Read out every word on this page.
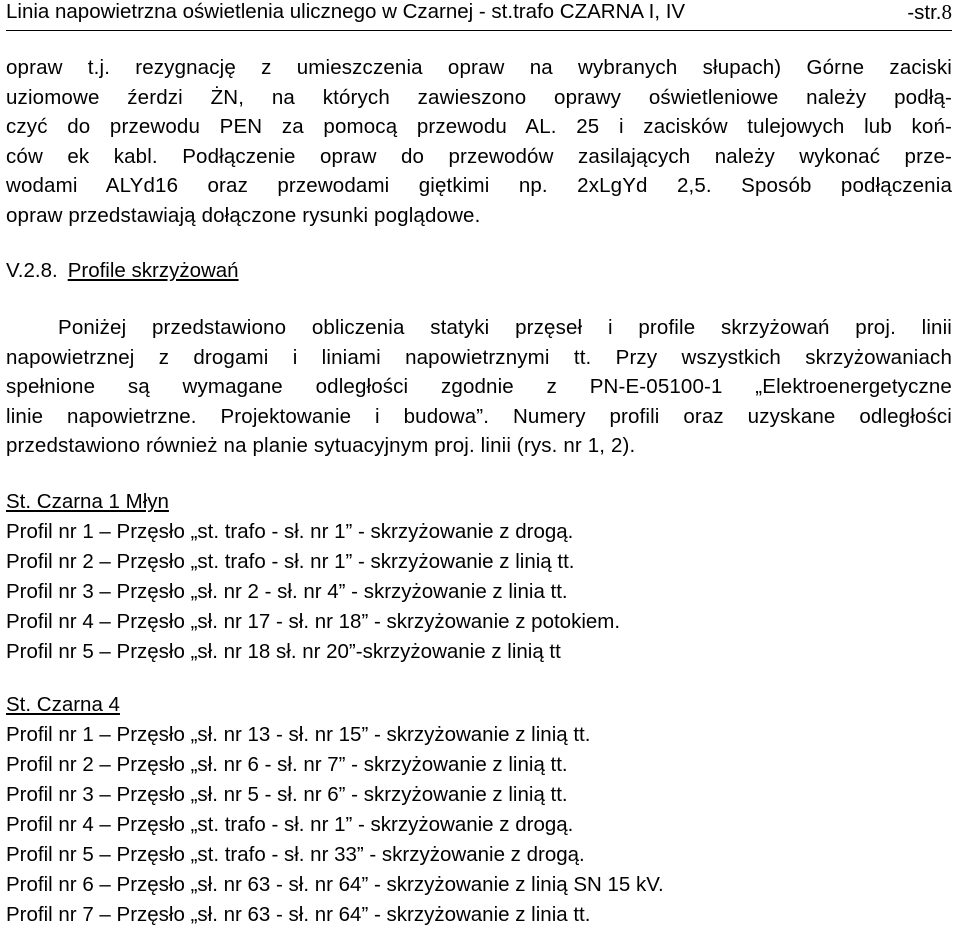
Linia napowietrzna oświetlenia ulicznego w Czarnej - st.trafo CZARNA I, IV	-str.8
opraw t.j. rezygnację z umieszczenia opraw na wybranych słupach) Górne zaciski
uziomowe źerdzi ŻN, na których zawieszono oprawy oświetleniowe należy podłą-
czyć do przewodu PEN za pomocą przewodu AL. 25 i zacisków tulejowych lub koń-
ców ek kabl. Podłączenie opraw do przewodów zasilających należy wykonać prze-
wodami ALYd16 oraz przewodami giętkimi np. 2xLgYd 2,5. Sposób podłączenia
opraw przedstawiają dołączone rysunki poglądowe.
V.2.8. Profile skrzyżowań
Poniżej przedstawiono obliczenia statyki przęseł i profile skrzyżowań proj. linii
napowietrznej z drogami i liniami napowietrznymi tt. Przy wszystkich skrzyżowaniach
spełnione są wymagane odległości zgodnie z PN-E-05100-1 „Elektroenergetyczne
linie napowietrzne. Projektowanie i budowa”. Numery profili oraz uzyskane odległości
przedstawiono również na planie sytuacyjnym proj. linii (rys. nr 1, 2).
St. Czarna 1 Młyn
Profil nr 1 – Przęsło „st. trafo - sł. nr 1” - skrzyżowanie z drogą.
Profil nr 2 – Przęsło „st. trafo - sł. nr 1” - skrzyżowanie z linią tt.
Profil nr 3 – Przęsło „sł. nr 2 - sł. nr 4” - skrzyżowanie z linia tt.
Profil nr 4 – Przęsło „sł. nr 17 - sł. nr 18” - skrzyżowanie z potokiem.
Profil nr 5 – Przęsło „sł. nr 18 sł. nr 20”-skrzyżowanie z linią tt
St. Czarna 4
Profil nr 1 – Przęsło „sł. nr 13 - sł. nr 15” - skrzyżowanie z linią tt.
Profil nr 2 – Przęsło „sł. nr 6 - sł. nr 7” - skrzyżowanie z linią tt.
Profil nr 3 – Przęsło „sł. nr 5 - sł. nr 6” - skrzyżowanie z linią tt.
Profil nr 4 – Przęsło „st. trafo - sł. nr 1” - skrzyżowanie z drogą.
Profil nr 5 – Przęsło „st. trafo - sł. nr 33” - skrzyżowanie z drogą.
Profil nr 6 – Przęsło „sł. nr 63 - sł. nr 64” - skrzyżowanie z linią SN 15 kV.
Profil nr 7 – Przęsło „sł. nr 63 - sł. nr 64” - skrzyżowanie z linia tt.
